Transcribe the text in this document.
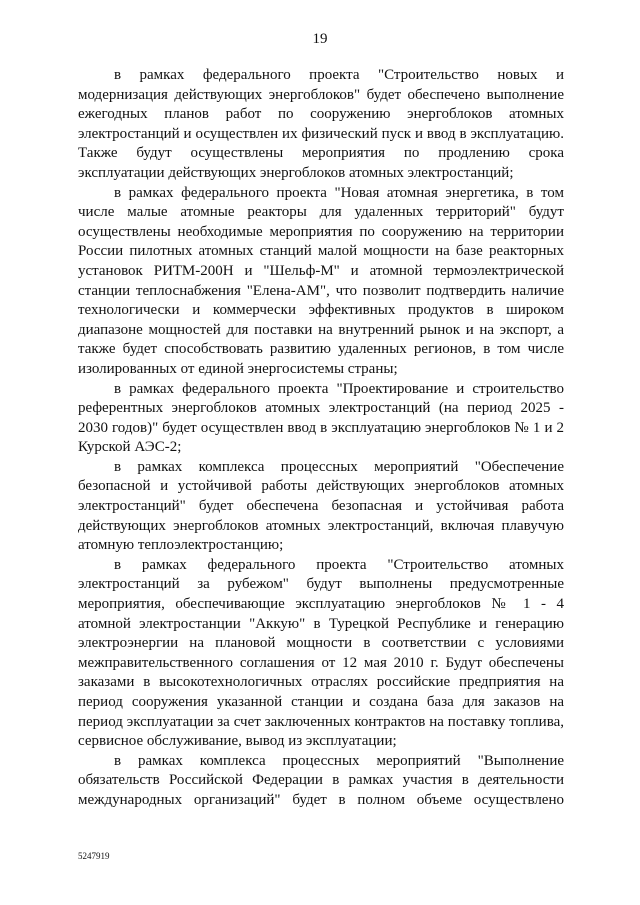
19

в рамках федерального проекта "Строительство новых и модернизация действующих энергоблоков" будет обеспечено выполнение ежегодных планов работ по сооружению энергоблоков атомных электростанций и осуществлен их физический пуск и ввод в эксплуатацию. Также будут осуществлены мероприятия по продлению срока эксплуатации действующих энергоблоков атомных электростанций;

в рамках федерального проекта "Новая атомная энергетика, в том числе малые атомные реакторы для удаленных территорий" будут осуществлены необходимые мероприятия по сооружению на территории России пилотных атомных станций малой мощности на базе реакторных установок РИТМ-200Н и "Шельф-М" и атомной термоэлектрической станции теплоснабжения "Елена-АМ", что позволит подтвердить наличие технологически и коммерчески эффективных продуктов в широком диапазоне мощностей для поставки на внутренний рынок и на экспорт, а также будет способствовать развитию удаленных регионов, в том числе изолированных от единой энергосистемы страны;

в рамках федерального проекта "Проектирование и строительство референтных энергоблоков атомных электростанций (на период 2025 - 2030 годов)" будет осуществлен ввод в эксплуатацию энергоблоков № 1 и 2 Курской АЭС-2;

в рамках комплекса процессных мероприятий "Обеспечение безопасной и устойчивой работы действующих энергоблоков атомных электростанций" будет обеспечена безопасная и устойчивая работа действующих энергоблоков атомных электростанций, включая плавучую атомную теплоэлектростанцию;

в рамках федерального проекта "Строительство атомных электростанций за рубежом" будут выполнены предусмотренные мероприятия, обеспечивающие эксплуатацию энергоблоков № 1 - 4 атомной электростанции "Аккую" в Турецкой Республике и генерацию электроэнергии на плановой мощности в соответствии с условиями межправительственного соглашения от 12 мая 2010 г. Будут обеспечены заказами в высокотехнологичных отраслях российские предприятия на период сооружения указанной станции и создана база для заказов на период эксплуатации за счет заключенных контрактов на поставку топлива, сервисное обслуживание, вывод из эксплуатации;

в рамках комплекса процессных мероприятий "Выполнение обязательств Российской Федерации в рамках участия в деятельности международных организаций" будет в полном объеме осуществлено

5247919
